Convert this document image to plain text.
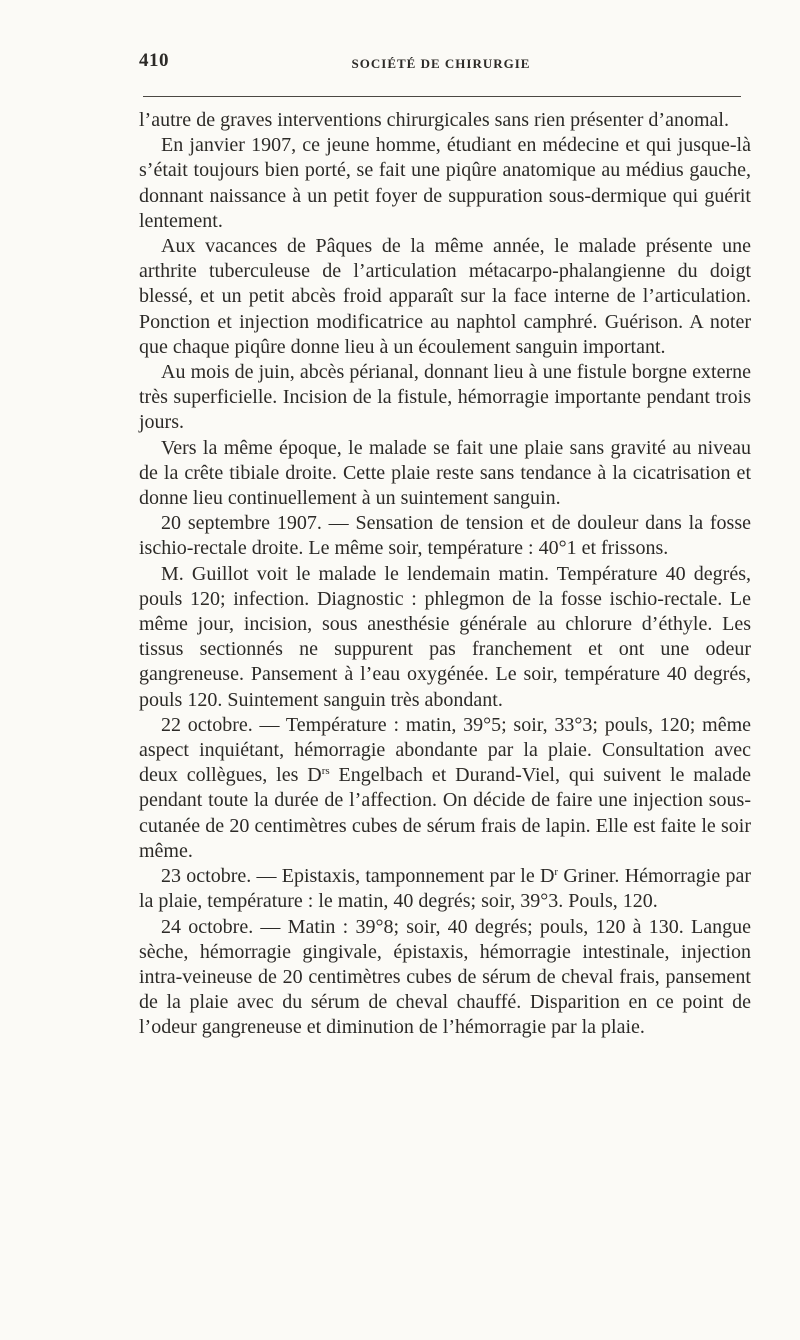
410	SOCIÉTÉ DE CHIRURGIE

l’autre de graves interventions chirurgicales sans rien présenter d’anomal.

En janvier 1907, ce jeune homme, étudiant en médecine et qui jusque-là s’était toujours bien porté, se fait une piqûre anatomique au médius gauche, donnant naissance à un petit foyer de suppuration sous-dermique qui guérit lentement.

Aux vacances de Pâques de la même année, le malade présente une arthrite tuberculeuse de l’articulation métacarpo-phalangienne du doigt blessé, et un petit abcès froid apparaît sur la face interne de l’articulation. Ponction et injection modificatrice au naphtol camphré. Guérison. A noter que chaque piqûre donne lieu à un écoulement sanguin important.

Au mois de juin, abcès périanal, donnant lieu à une fistule borgne externe très superficielle. Incision de la fistule, hémorragie importante pendant trois jours.

Vers la même époque, le malade se fait une plaie sans gravité au niveau de la crête tibiale droite. Cette plaie reste sans tendance à la cicatrisation et donne lieu continuellement à un suintement sanguin.

20 septembre 1907. — Sensation de tension et de douleur dans la fosse ischio-rectale droite. Le même soir, température : 40°1 et frissons.

M. Guillot voit le malade le lendemain matin. Température 40 degrés, pouls 120; infection. Diagnostic : phlegmon de la fosse ischio-rectale. Le même jour, incision, sous anesthésie générale au chlorure d’éthyle. Les tissus sectionnés ne suppurent pas franchement et ont une odeur gangreneuse. Pansement à l’eau oxygénée. Le soir, température 40 degrés, pouls 120. Suintement sanguin très abondant.

22 octobre. — Température : matin, 39°5; soir, 33°3; pouls, 120; même aspect inquiétant, hémorragie abondante par la plaie. Consultation avec deux collègues, les $D^{rs}$ Engelbach et Durand-Viel, qui suivent le malade pendant toute la durée de l’affection. On décide de faire une injection sous-cutanée de 20 centimètres cubes de sérum frais de lapin. Elle est faite le soir même.

23 octobre. — Epistaxis, tamponnement par le $D^r$ Griner. Hémorragie par la plaie, température : le matin, 40 degrés; soir, 39°3. Pouls, 120.

24 octobre. — Matin : 39°8; soir, 40 degrés; pouls, 120 à 130. Langue sèche, hémorragie gingivale, épistaxis, hémorragie intestinale, injection intra-veineuse de 20 centimètres cubes de sérum de cheval frais, pansement de la plaie avec du sérum de cheval chauffé. Disparition en ce point de l’odeur gangreneuse et diminution de l’hémorragie par la plaie.
